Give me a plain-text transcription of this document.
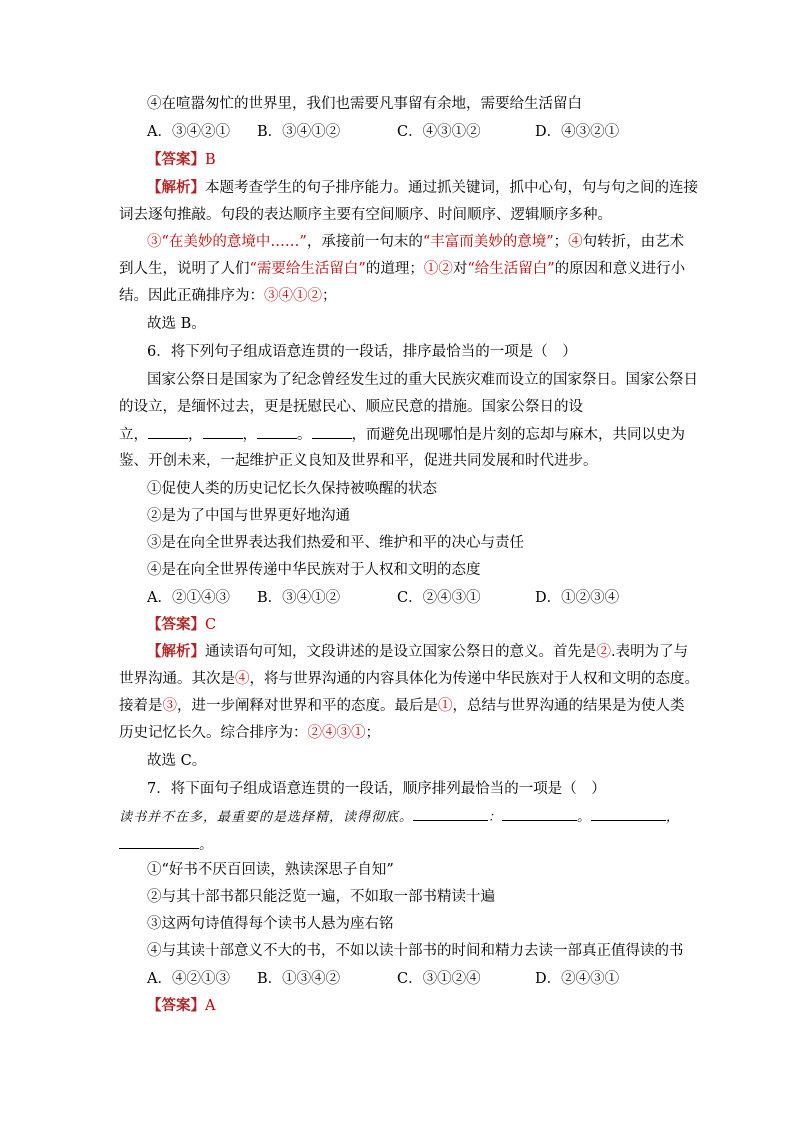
④在喧嚣匆忙的世界里，我们也需要凡事留有余地，需要给生活留白
A．③④②① B．③④①②	C．④③①②	D．④③②①
【答案】B
【解析】本题考查学生的句子排序能力。通过抓关键词，抓中心句，句与句之间的连接
词去逐句推敲。句段的表达顺序主要有空间顺序、时间顺序、逻辑顺序多种。
③“在美妙的意境中……”，承接前一句末的“丰富而美妙的意境”；④句转折，由艺术
到人生，说明了人们“需要给生活留白”的道理；①②对“给生活留白”的原因和意义进行小
结。因此正确排序为：③④①②；
故选 B。
6．将下列句子组成语意连贯的一段话，排序最恰当的一项是（　）
国家公祭日是国家为了纪念曾经发生过的重大民族灾难而设立的国家祭日。国家公祭日
的设立，是缅怀过去，更是抚慰民心、顺应民意的措施。国家公祭日的设
立，	，	，	。	，而避免出现哪怕是片刻的忘却与麻木，共同以史为
鉴、开创未来，一起维护正义良知及世界和平，促进共同发展和时代进步。
①促使人类的历史记忆长久保持被唤醒的状态
②是为了中国与世界更好地沟通
③是在向全世界表达我们热爱和平、维护和平的决心与责任
④是在向全世界传递中华民族对于人权和文明的态度
A．②①④③ B．③④①②	C．②④③①	D．①②③④
【答案】C
【解析】通读语句可知，文段讲述的是设立国家公祭日的意义。首先是②.表明为了与
世界沟通。其次是④，将与世界沟通的内容具体化为传递中华民族对于人权和文明的态度。
接着是③，进一步阐释对世界和平的态度。最后是①，总结与世界沟通的结果是为使人类
历史记忆长久。综合排序为：②④③①；
故选 C。
7．将下面句子组成语意连贯的一段话，顺序排列最恰当的一项是（　）
读书并不在多，最重要的是选择精，读得彻底。	：	。	，
。
①“好书不厌百回读，熟读深思子自知”
②与其十部书都只能泛览一遍，不如取一部书精读十遍
③这两句诗值得每个读书人悬为座右铭
④与其读十部意义不大的书，不如以读十部书的时间和精力去读一部真正值得读的书
A．④②①③ B．①③④②	C．③①②④	D．②④③①
【答案】A
